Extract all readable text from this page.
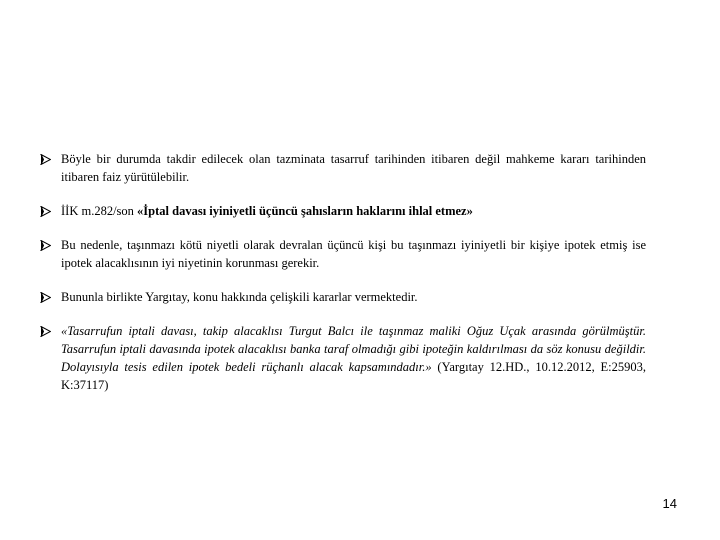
Böyle bir durumda takdir edilecek olan tazminata tasarruf tarihinden itibaren değil mahkeme kararı tarihinden itibaren faiz yürütülebilir.
İİK m.282/son «İptal davası iyiniyetli üçüncü şahısların haklarını ihlal etmez»
Bu nedenle, taşınmazı kötü niyetli olarak devralan üçüncü kişi bu taşınmazı iyiniyetli bir kişiye ipotek etmiş ise ipotek alacaklısının iyi niyetinin korunması gerekir.
Bununla birlikte Yargıtay, konu hakkında çelişkili kararlar vermektedir.
«Tasarrufun iptali davası, takip alacaklısı Turgut Balcı ile taşınmaz maliki Oğuz Uçak arasında görülmüştür. Tasarrufun iptali davasında ipotek alacaklısı banka taraf olmadığı gibi ipoteğin kaldırılması da söz konusu değildir. Dolayısıyla tesis edilen ipotek bedeli rüçhanlı alacak kapsamındadır.» (Yargıtay 12.HD., 10.12.2012, E:25903, K:37117)
14
